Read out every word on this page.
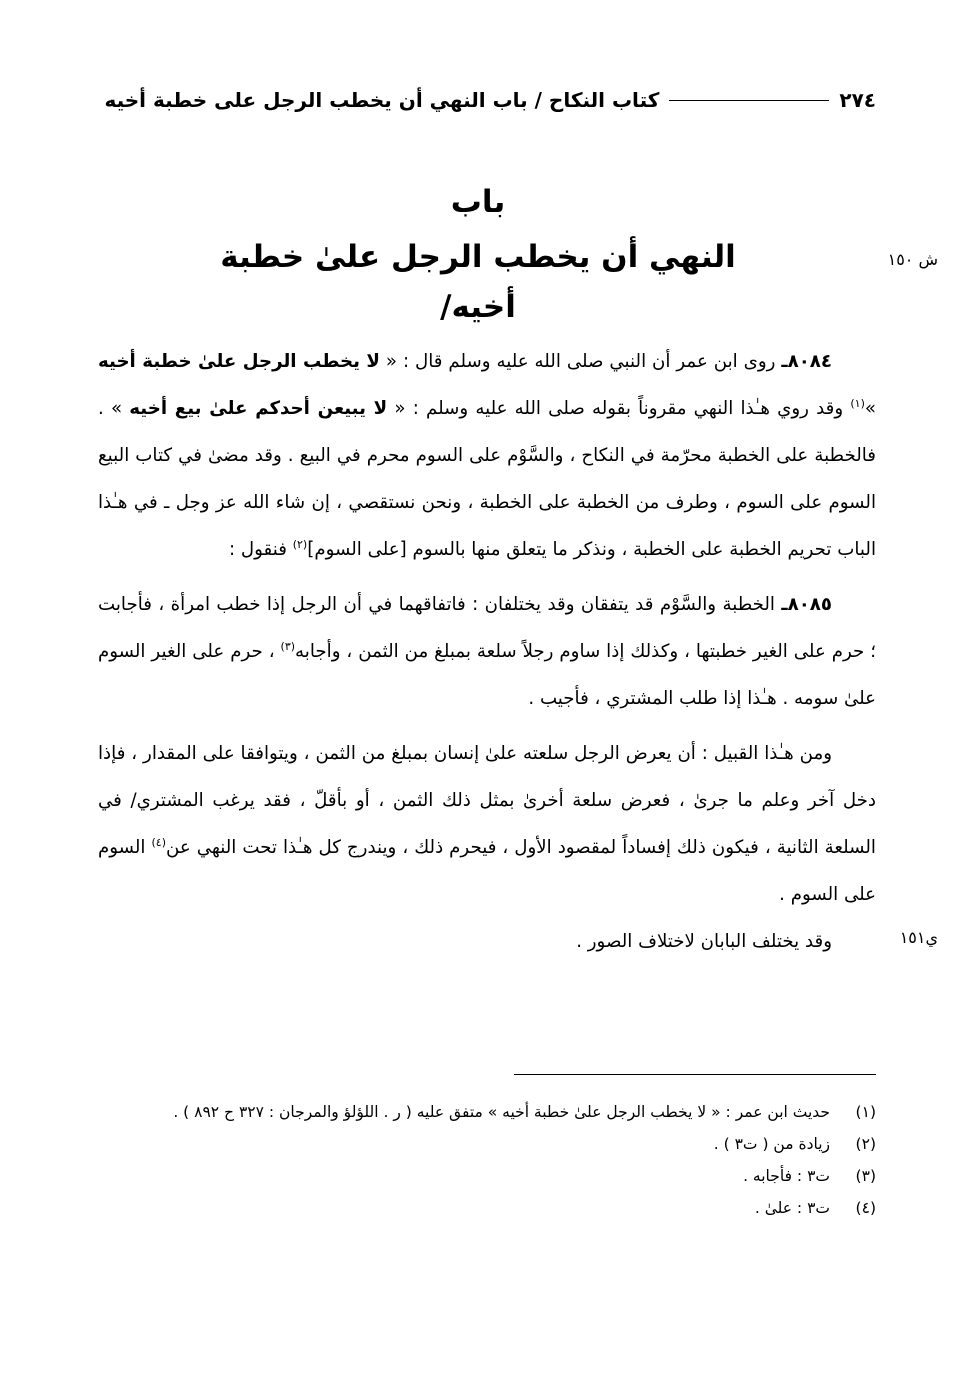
٢٧٤
كتاب النكاح / باب النهي أن يخطب الرجل على خطبة أخيه
باب
النهي أن يخطب الرجل علىٰ خطبة أخيه/
ش ١٥٠
ي١٥١

٨٠٨٤ـ روى ابن عمر أن النبي صلى الله عليه وسلم قال : « لا يخطب الرجل علىٰ خطبة أخيه »$^{(١)}$ وقد روي هـٰذا النهي مقروناً بقوله صلى الله عليه وسلم : « لا يبيعن أحدكم علىٰ بيع أخيه » . فالخطبة على الخطبة محرّمة في النكاح ، والسَّوْم على السوم محرم في البيع . وقد مضىٰ في كتاب البيع السوم على السوم ، وطرف من الخطبة على الخطبة ، ونحن نستقصي ، إن شاء الله عز وجل ـ في هـٰذا الباب تحريم الخطبة على الخطبة ، ونذكر ما يتعلق منها بالسوم [على السوم]$^{(٢)}$ فنقول :

٨٠٨٥ـ الخطبة والسَّوْم قد يتفقان وقد يختلفان : فاتفاقهما في أن الرجل إذا خطب امرأة ، فأجابت ؛ حرم على الغير خطبتها ، وكذلك إذا ساوم رجلاً سلعة بمبلغ من الثمن ، وأجابه$^{(٣)}$ ، حرم على الغير السوم علىٰ سومه . هـٰذا إذا طلب المشتري ، فأجيب .

ومن هـٰذا القبيل : أن يعرض الرجل سلعته علىٰ إنسان بمبلغ من الثمن ، ويتوافقا على المقدار ، فإذا دخل آخر وعلم ما جرىٰ ، فعرض سلعة أخرىٰ بمثل ذلك الثمن ، أو بأقلّ ، فقد يرغب المشتري/ في السلعة الثانية ، فيكون ذلك إفساداً لمقصود الأول ، فيحرم ذلك ، ويندرج كل هـٰذا تحت النهي عن$^{(٤)}$ السوم على السوم .

وقد يختلف البابان لاختلاف الصور .

(١)
حديث ابن عمر : « لا يخطب الرجل علىٰ خطبة أخيه » متفق عليه ( ر . اللؤلؤ والمرجان : ٣٢٧ ح ٨٩٢ ) .
(٢)
زيادة من ( ت٣ ) .
(٣)
ت٣ : فأجابه .
(٤)
ت٣ : علىٰ .
